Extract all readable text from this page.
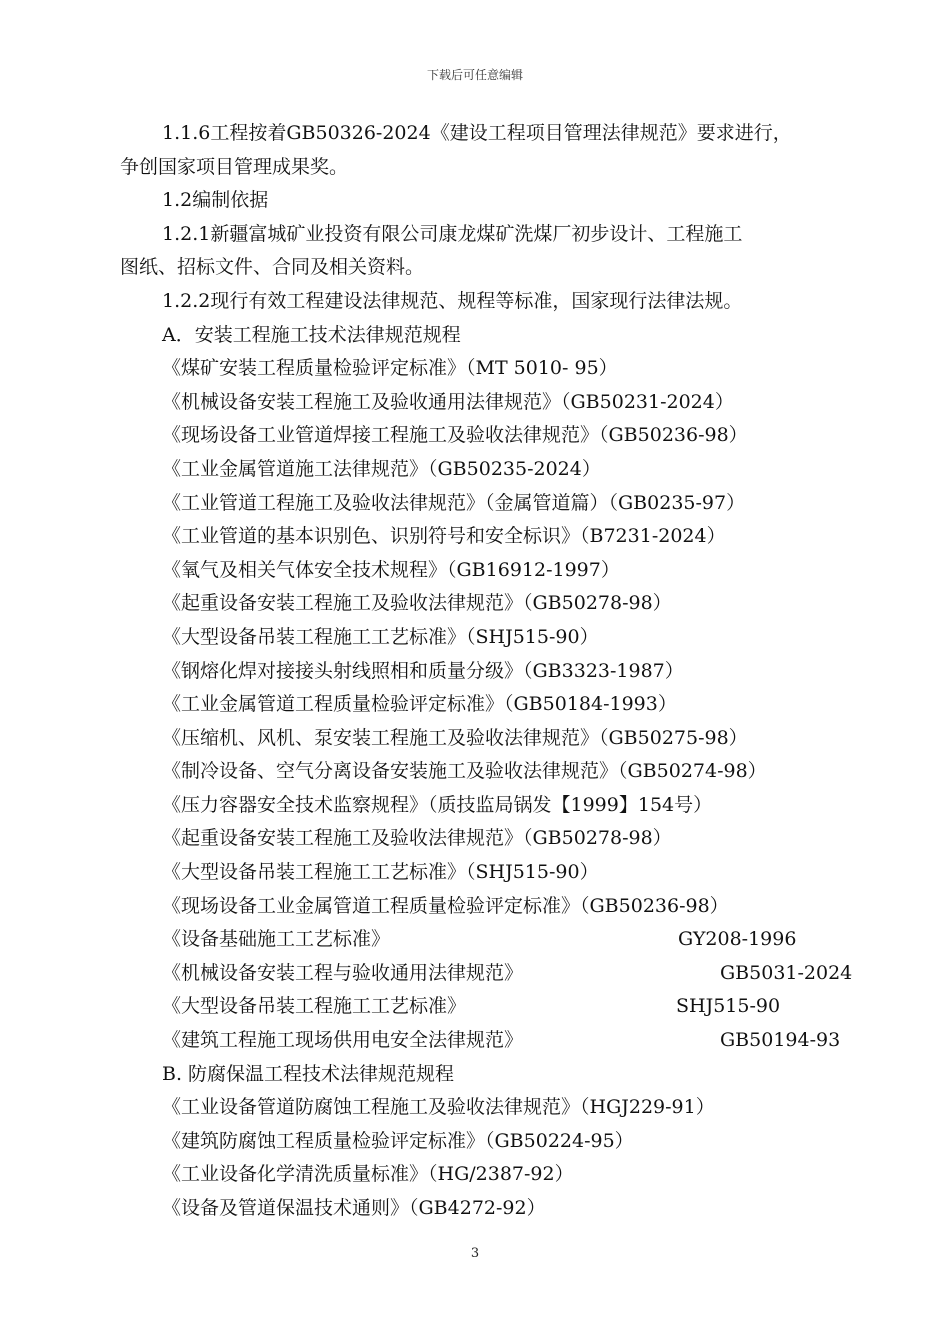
下载后可任意编辑
1.1.6工程按着GB50326-2024《建设工程项目管理法律规范》要求进行，
争创国家项目管理成果奖。
1.2编制依据
1.2.1新疆富城矿业投资有限公司康龙煤矿洗煤厂初步设计、工程施工
图纸、招标文件、合同及相关资料。
1.2.2现行有效工程建设法律规范、规程等标准，国家现行法律法规。
A．安装工程施工技术法律规范规程
《煤矿安装工程质量检验评定标准》（MT 5010- 95）
《机械设备安装工程施工及验收通用法律规范》（GB50231-2024）
《现场设备工业管道焊接工程施工及验收法律规范》（GB50236-98）
《工业金属管道施工法律规范》（GB50235-2024）
《工业管道工程施工及验收法律规范》（金属管道篇）（GB0235-97）
《工业管道的基本识别色、识别符号和安全标识》（B7231-2024）
《氧气及相关气体安全技术规程》（GB16912-1997）
《起重设备安装工程施工及验收法律规范》（GB50278-98）
《大型设备吊装工程施工工艺标准》（SHJ515-90）
《钢熔化焊对接接头射线照相和质量分级》（GB3323-1987）
《工业金属管道工程质量检验评定标准》（GB50184-1993）
《压缩机、风机、泵安装工程施工及验收法律规范》（GB50275-98）
《制冷设备、空气分离设备安装施工及验收法律规范》（GB50274-98）
《压力容器安全技术监察规程》（质技监局锅发【1999】154号）
《起重设备安装工程施工及验收法律规范》（GB50278-98）
《大型设备吊装工程施工工艺标准》（SHJ515-90）
《现场设备工业金属管道工程质量检验评定标准》（GB50236-98）
《设备基础施工工艺标准》	GY208-1996
《机械设备安装工程与验收通用法律规范》	GB5031-2024
《大型设备吊装工程施工工艺标准》	SHJ515-90
《建筑工程施工现场供用电安全法律规范》	GB50194-93
B. 防腐保温工程技术法律规范规程
《工业设备管道防腐蚀工程施工及验收法律规范》（HGJ229-91）
《建筑防腐蚀工程质量检验评定标准》（GB50224-95）
《工业设备化学清洗质量标准》（HG/2387-92）
《设备及管道保温技术通则》（GB4272-92）
3
